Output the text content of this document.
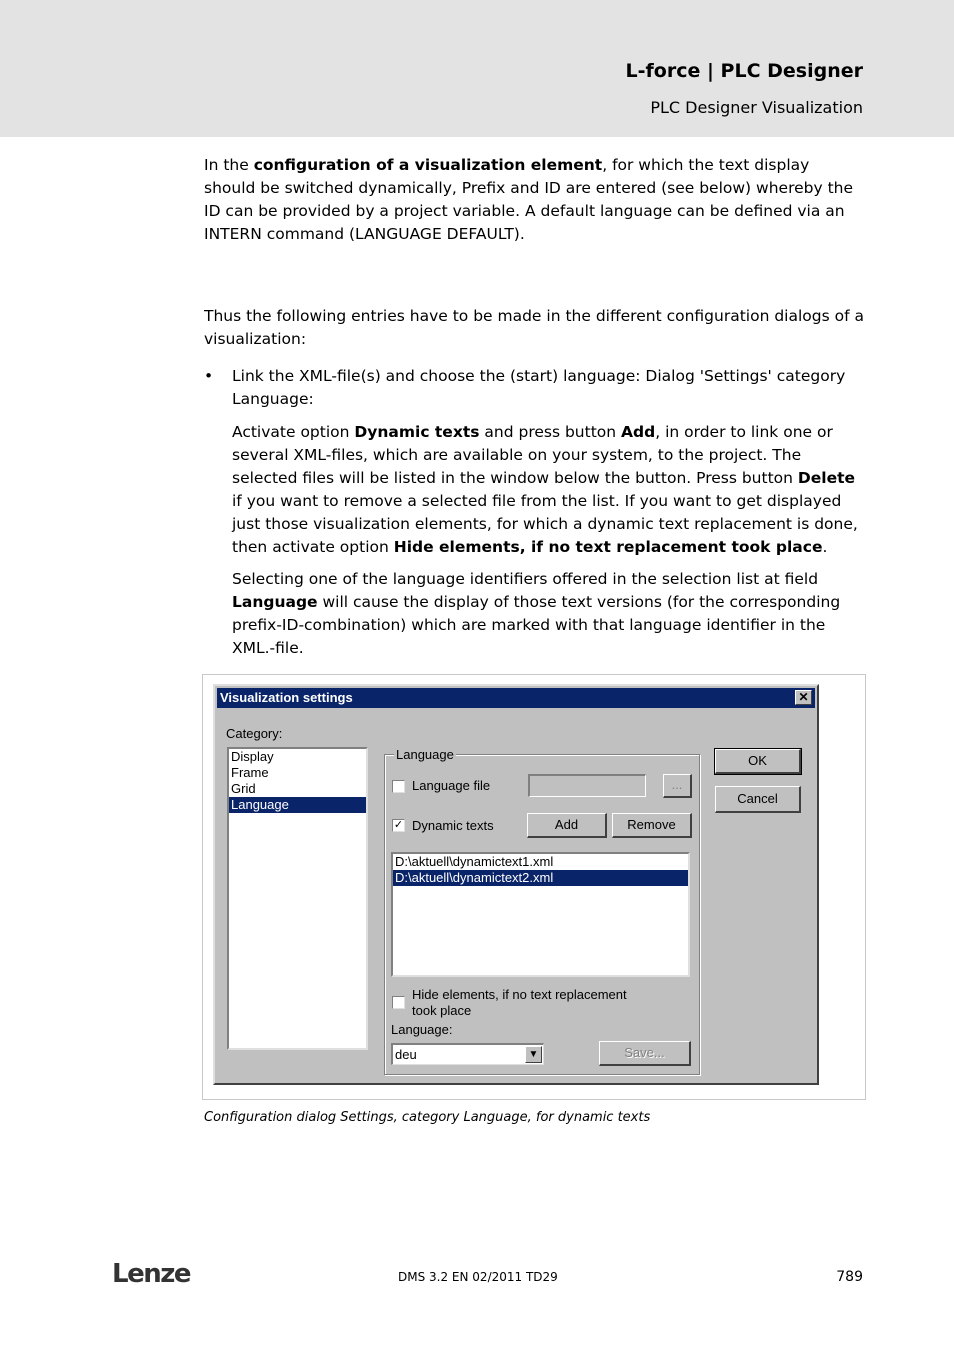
L-force | PLC Designer
PLC Designer Visualization

In the configuration of a visualization element, for which the text display should be switched dynamically, Prefix and ID are entered (see below) whereby the ID can be provided by a project variable. A default language can be defined via an INTERN command (LANGUAGE DEFAULT).

Thus the following entries have to be made in the different configuration dialogs of a visualization:

• Link the XML-file(s) and choose the (start) language: Dialog 'Settings' category Language:

Activate option Dynamic texts and press button Add, in order to link one or several XML-files, which are available on your system, to the project. The selected files will be listed in the window below the button. Press button Delete if you want to remove a selected file from the list. If you want to get displayed just those visualization elements, for which a dynamic text replacement is done, then activate option Hide elements, if no text replacement took place.

Selecting one of the language identifiers offered in the selection list at field Language will cause the display of those text versions (for the corresponding prefix-ID-combination) which are marked with that language identifier in the XML.-file.

Visualization settings	✕
Category:
Display
Frame
Grid
Language
Language
Language file	...
✓ Dynamic texts	Add	Remove
D:\aktuell\dynamictext1.xml
D:\aktuell\dynamictext2.xml
Hide elements, if no text replacement
took place
Language:
deu	▼	Save...
OK
Cancel
Configuration dialog Settings, category Language, for dynamic texts
Lenze	DMS 3.2 EN 02/2011 TD29	789
